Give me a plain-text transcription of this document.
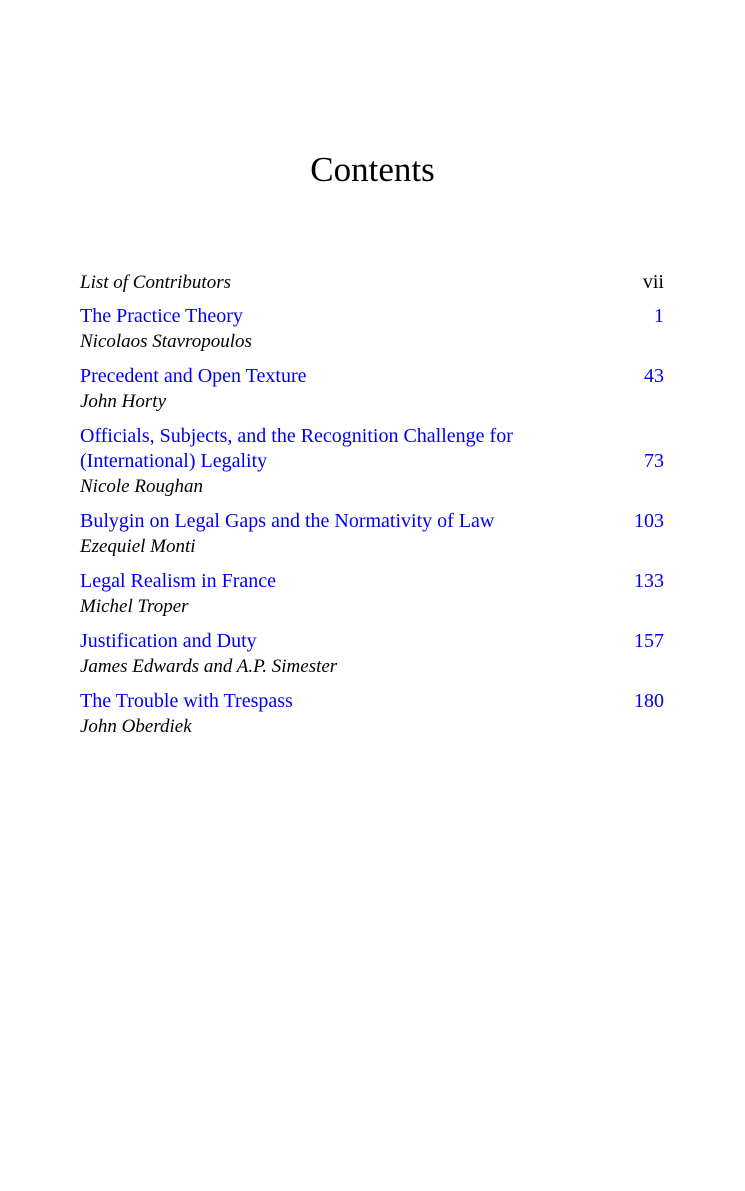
Contents
List of Contributors	vii
The Practice Theory
Nicolaos Stavropoulos
1
Precedent and Open Texture
John Horty
43
Officials, Subjects, and the Recognition Challenge for
(International) Legality
Nicole Roughan
73
Bulygin on Legal Gaps and the Normativity of Law
Ezequiel Monti
103
Legal Realism in France
Michel Troper
133
Justification and Duty
James Edwards and A.P. Simester
157
The Trouble with Trespass
John Oberdiek
180
